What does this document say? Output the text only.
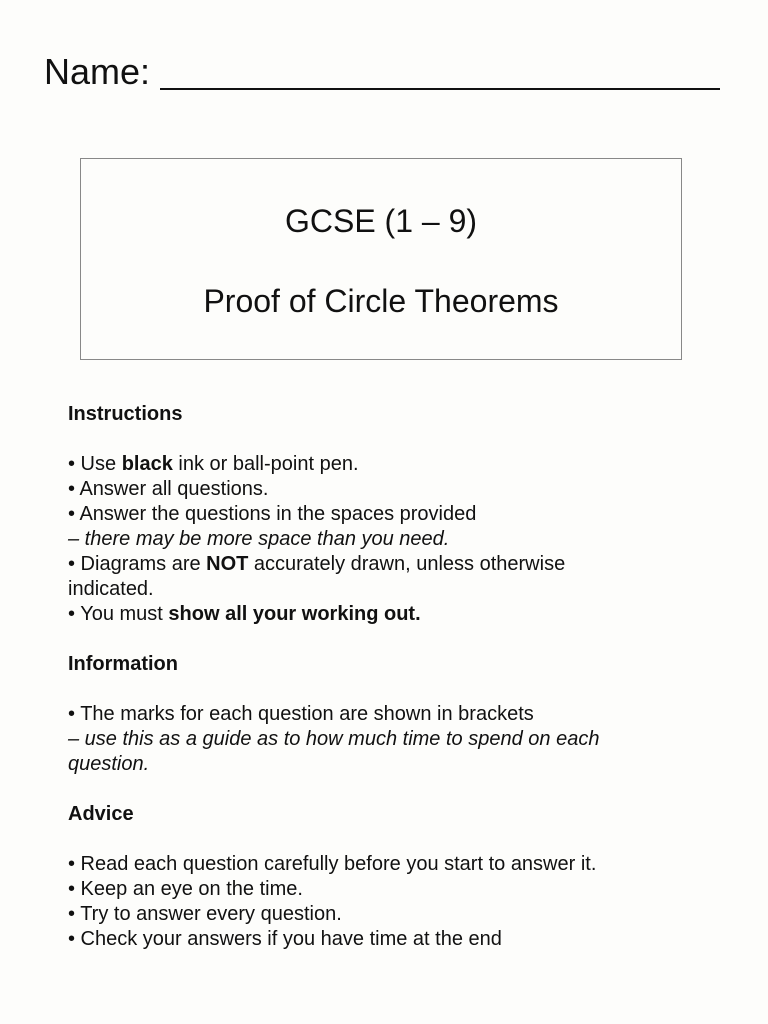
Name:
GCSE (1 – 9)
Proof of Circle Theorems
Instructions
• Use black ink or ball-point pen.
• Answer all questions.
• Answer the questions in the spaces provided
– there may be more space than you need.
• Diagrams are NOT accurately drawn, unless otherwise
indicated.
• You must show all your working out.
Information
• The marks for each question are shown in brackets
– use this as a guide as to how much time to spend on each
question.
Advice
• Read each question carefully before you start to answer it.
• Keep an eye on the time.
• Try to answer every question.
• Check your answers if you have time at the end
